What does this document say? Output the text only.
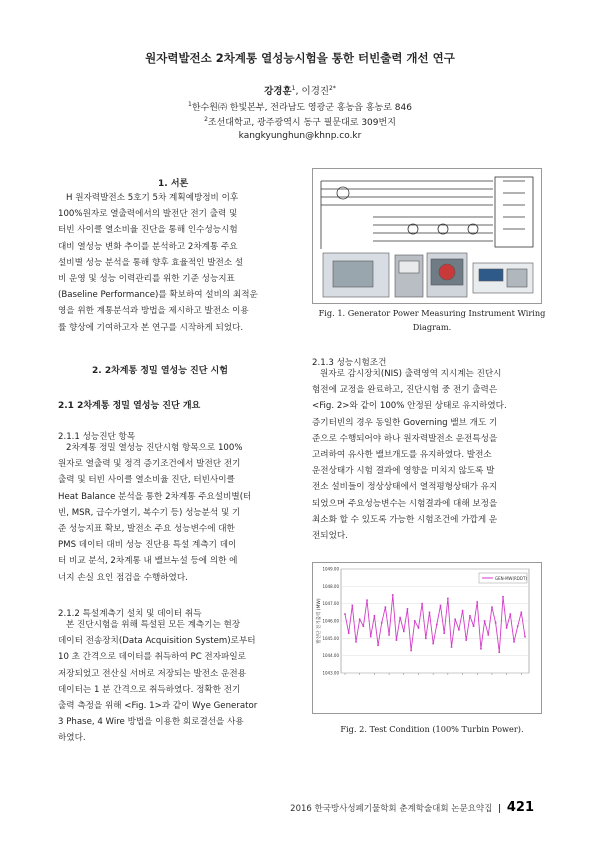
원자력발전소 2차계통 열성능시험을 통한 터빈출력 개선 연구
강경훈$^1$, 이경진$^{2*}$
$^1$한수원㈜ 한빛본부, 전라남도 영광군 홍농읍 홍농로 846
$^2$조선대학교, 광주광역시 동구 필문대로 309번지
kangkyunghun@khnp.co.kr
1. 서론

H 원자력발전소 5호기 5차 계획예방정비 이후

100%원자로 열출력에서의 발전단 전기 출력 및

터빈 사이클 열소비율 진단을 통해 인수성능시험

대비 열성능 변화 추이를 분석하고 2차계통 주요

설비별 성능 분석을 통해 향후 효율적인 발전소 설

비 운영 및 성능 이력관리를 위한 기준 성능지표

(Baseline Performance)를 확보하여 설비의 최적운

영을 위한 계통분석과 방법을 제시하고 발전소 이용

률 향상에 기여하고자 본 연구를 시작하게 되었다.

2. 2차계통 정밀 열성능 진단 시험
2.1 2차계통 정밀 열성능 진단 개요
2.1.1 성능진단 항목

2차계통 정밀 열성능 진단시험 항목으로 100%

원자로 열출력 및 정격 증기조건에서 발전단 전기

출력 및 터빈 사이클 열소비율 진단, 터빈사이클

Heat Balance 분석을 통한 2차계통 주요설비별(터

빈, MSR, 급수가열기, 복수기 등) 성능분석 및 기

준 성능지표 확보, 발전소 주요 성능변수에 대한

PMS 데이터 대비 성능 진단용 특설 계측기 데이

터 비교 분석, 2차계통 내 밸브누설 등에 의한 에

너지 손실 요인 점검을 수행하였다.

2.1.2 특설계측기 설치 및 데이터 취득

본 진단시험을 위해 특설된 모든 계측기는 현장

데이터 전송장치(Data Acquisition System)로부터

10 초 간격으로 데이터를 취득하여 PC 전자파일로

저장되었고 전산실 서버로 저장되는 발전소 운전용

데이터는 1 분 간격으로 취득하였다. 정확한 전기

출력 측정을 위해 <Fig. 1>과 같이 Wye Generator

3 Phase, 4 Wire 방법을 이용한 회로결선을 사용

하였다.

Fig. 1. Generator Power Measuring Instrument Wiring
Diagram.
2.1.3 성능시험조건

원자로 감시장치(NIS) 출력영역 지시계는 진단시

험전에 교정을 완료하고, 진단시험 중 전기 출력은

<Fig. 2>와 같이 100% 안정된 상태로 유지하였다.

증기터빈의 경우 동일한 Governing 밸브 개도 기

준으로 수행되어야 하나 원자력발전소 운전특성을

고려하여 유사한 밸브개도를 유지하였다. 발전소

운전상태가 시험 결과에 영향을 미치지 않도록 발

전소 설비들이 정상상태에서 열적평형상태가 유지

되었으며 주요성능변수는 시험결과에 대해 보정을

최소화 할 수 있도록 가능한 시험조건에 가깝게 운

전되었다.

1043.00
1044.00
1045.00
1046.00
1047.00
1048.00
1049.00
GEN-MW(RDDT)
발전단 전기출력 (MW)
Fig. 2. Test Condition (100% Turbin Power).
2016 한국방사성폐기물학회 춘계학술대회 논문요약집 | 421
